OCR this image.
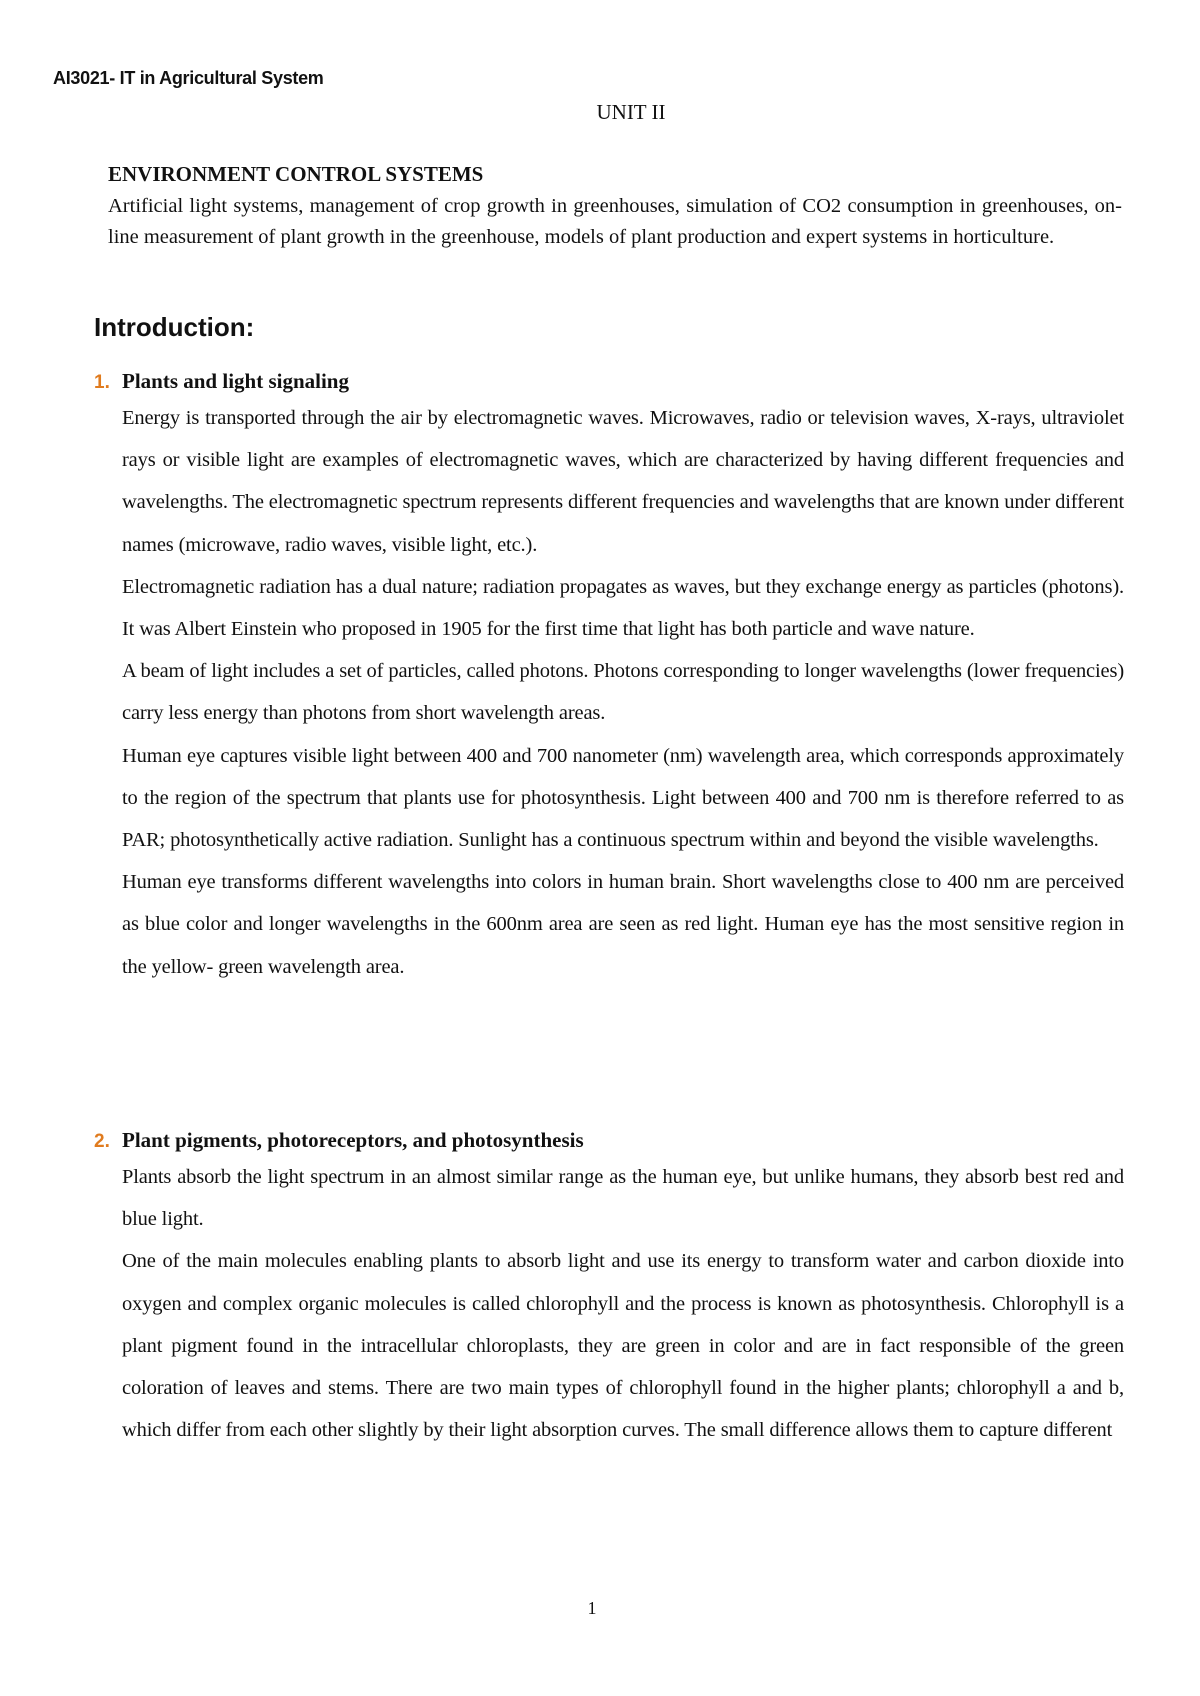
AI3021- IT in Agricultural System
UNIT II
ENVIRONMENT CONTROL SYSTEMS
Artificial light systems, management of crop growth in greenhouses, simulation of CO2 consumption in greenhouses, on-line measurement of plant growth in the greenhouse, models of plant production and expert systems in horticulture.
Introduction:
1. Plants and light signaling

Energy is transported through the air by electromagnetic waves. Microwaves, radio or television waves, X-rays, ultraviolet rays or visible light are examples of electromagnetic waves, which are characterized by having different frequencies and wavelengths. The electromagnetic spectrum represents different frequencies and wavelengths that are known under different names (microwave, radio waves, visible light, etc.).

Electromagnetic radiation has a dual nature; radiation propagates as waves, but they exchange energy as particles (photons). It was Albert Einstein who proposed in 1905 for the first time that light has both particle and wave nature.

A beam of light includes a set of particles, called photons. Photons corresponding to longer wavelengths (lower frequencies) carry less energy than photons from short wavelength areas.

Human eye captures visible light between 400 and 700 nanometer (nm) wavelength area, which corresponds approximately to the region of the spectrum that plants use for photosynthesis. Light between 400 and 700 nm is therefore referred to as PAR; photosynthetically active radiation. Sunlight has a continuous spectrum within and beyond the visible wavelengths.

Human eye transforms different wavelengths into colors in human brain. Short wavelengths close to 400 nm are perceived as blue color and longer wavelengths in the 600nm area are seen as red light. Human eye has the most sensitive region in the yellow- green wavelength area.

2. Plant pigments, photoreceptors, and photosynthesis

Plants absorb the light spectrum in an almost similar range as the human eye, but unlike humans, they absorb best red and blue light.

One of the main molecules enabling plants to absorb light and use its energy to transform water and carbon dioxide into oxygen and complex organic molecules is called chlorophyll and the process is known as photosynthesis. Chlorophyll is a plant pigment found in the intracellular chloroplasts, they are green in color and are in fact responsible of the green coloration of leaves and stems. There are two main types of chlorophyll found in the higher plants; chlorophyll a and b, which differ from each other slightly by their light absorption curves. The small difference allows them to capture different

1
